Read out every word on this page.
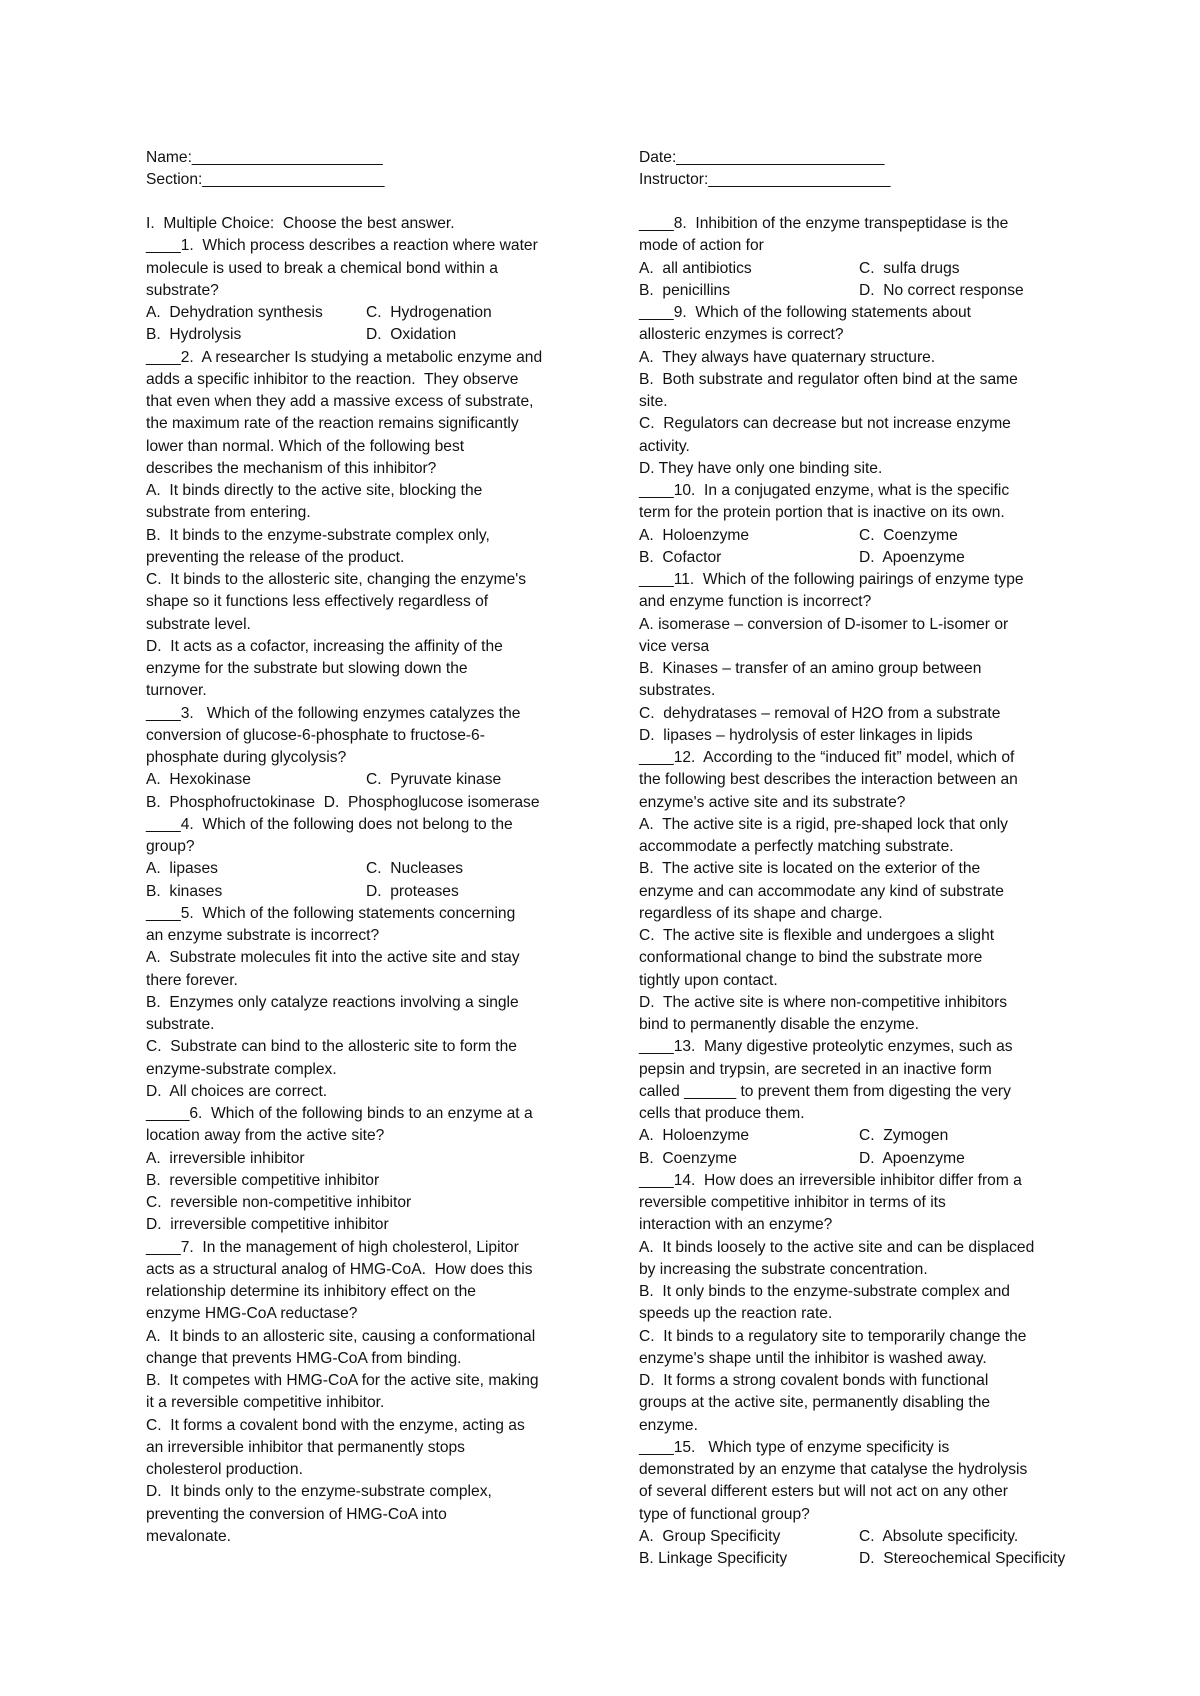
Name:______________________
Section:_____________________
Date:________________________
Instructor:_____________________
I.  Multiple Choice:  Choose the best answer.
____1.  Which process describes a reaction where water
molecule is used to break a chemical bond within a
substrate?
A.  Dehydration synthesis	C.  Hydrogenation
B.  Hydrolysis	D.  Oxidation
____2.  A researcher Is studying a metabolic enzyme and
adds a specific inhibitor to the reaction.  They observe
that even when they add a massive excess of substrate,
the maximum rate of the reaction remains significantly
lower than normal. Which of the following best
describes the mechanism of this inhibitor?
A.  It binds directly to the active site, blocking the
substrate from entering.
B.  It binds to the enzyme-substrate complex only,
preventing the release of the product.
C.  It binds to the allosteric site, changing the enzyme's
shape so it functions less effectively regardless of
substrate level.
D.  It acts as a cofactor, increasing the affinity of the
enzyme for the substrate but slowing down the
turnover.
____3.   Which of the following enzymes catalyzes the
conversion of glucose-6-phosphate to fructose-6-
phosphate during glycolysis?
A.  Hexokinase	C.  Pyruvate kinase
B.  Phosphofructokinase  D.  Phosphoglucose isomerase
____4.  Which of the following does not belong to the
group?
A.  lipases	C.  Nucleases
B.  kinases	D.  proteases
____5.  Which of the following statements concerning
an enzyme substrate is incorrect?
A.  Substrate molecules fit into the active site and stay
there forever.
B.  Enzymes only catalyze reactions involving a single
substrate.
C.  Substrate can bind to the allosteric site to form the
enzyme-substrate complex.
D.  All choices are correct.
_____6.  Which of the following binds to an enzyme at a
location away from the active site?
A.  irreversible inhibitor
B.  reversible competitive inhibitor
C.  reversible non-competitive inhibitor
D.  irreversible competitive inhibitor
____7.  In the management of high cholesterol, Lipitor
acts as a structural analog of HMG-CoA.  How does this
relationship determine its inhibitory effect on the
enzyme HMG-CoA reductase?
A.  It binds to an allosteric site, causing a conformational
change that prevents HMG-CoA from binding.
B.  It competes with HMG-CoA for the active site, making
it a reversible competitive inhibitor.
C.  It forms a covalent bond with the enzyme, acting as
an irreversible inhibitor that permanently stops
cholesterol production.
D.  It binds only to the enzyme-substrate complex,
preventing the conversion of HMG-CoA into
mevalonate.
____8.  Inhibition of the enzyme transpeptidase is the
mode of action for
A.  all antibiotics	C.  sulfa drugs
B.  penicillins	D.  No correct response
____9.  Which of the following statements about
allosteric enzymes is correct?
A.  They always have quaternary structure.
B.  Both substrate and regulator often bind at the same
site.
C.  Regulators can decrease but not increase enzyme
activity.
D. They have only one binding site.
____10.  In a conjugated enzyme, what is the specific
term for the protein portion that is inactive on its own.
A.  Holoenzyme	C.  Coenzyme
B.  Cofactor	D.  Apoenzyme
____11.  Which of the following pairings of enzyme type
and enzyme function is incorrect?
A. isomerase – conversion of D-isomer to L-isomer or
vice versa
B.  Kinases – transfer of an amino group between
substrates.
C.  dehydratases – removal of H2O from a substrate
D.  lipases – hydrolysis of ester linkages in lipids
____12.  According to the “induced fit” model, which of
the following best describes the interaction between an
enzyme's active site and its substrate?
A.  The active site is a rigid, pre-shaped lock that only
accommodate a perfectly matching substrate.
B.  The active site is located on the exterior of the
enzyme and can accommodate any kind of substrate
regardless of its shape and charge.
C.  The active site is flexible and undergoes a slight
conformational change to bind the substrate more
tightly upon contact.
D.  The active site is where non-competitive inhibitors
bind to permanently disable the enzyme.
____13.  Many digestive proteolytic enzymes, such as
pepsin and trypsin, are secreted in an inactive form
called ______ to prevent them from digesting the very
cells that produce them.
A.  Holoenzyme	C.  Zymogen
B.  Coenzyme	D.  Apoenzyme
____14.  How does an irreversible inhibitor differ from a
reversible competitive inhibitor in terms of its
interaction with an enzyme?
A.  It binds loosely to the active site and can be displaced
by increasing the substrate concentration.
B.  It only binds to the enzyme-substrate complex and
speeds up the reaction rate.
C.  It binds to a regulatory site to temporarily change the
enzyme's shape until the inhibitor is washed away.
D.  It forms a strong covalent bonds with functional
groups at the active site, permanently disabling the
enzyme.
____15.   Which type of enzyme specificity is
demonstrated by an enzyme that catalyse the hydrolysis
of several different esters but will not act on any other
type of functional group?
A.  Group Specificity	C.  Absolute specificity.
B. Linkage Specificity	D.  Stereochemical Specificity
